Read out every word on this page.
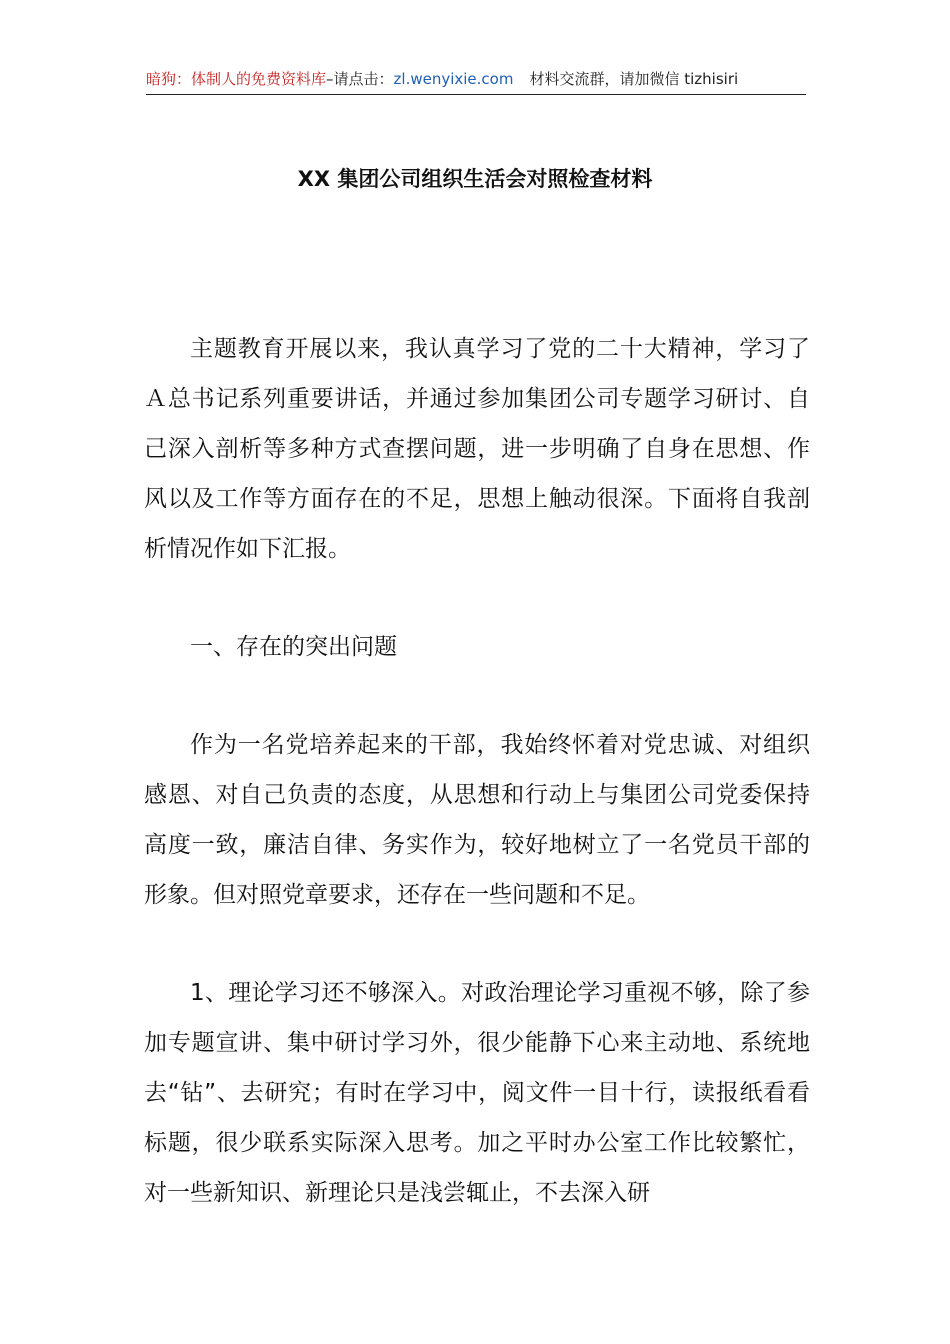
暗狗：体制人的免费资料库–请点击：zl.wenyixie.com 材料交流群，请加微信 tizhisiri
XX 集团公司组织生活会对照检查材料

主题教育开展以来，我认真学习了党的二十大精神，学习了Ａ总书记系列重要讲话，并通过参加集团公司专题学习研讨、自己深入剖析等多种方式查摆问题，进一步明确了自身在思想、作风以及工作等方面存在的不足，思想上触动很深。下面将自我剖析情况作如下汇报。

一、存在的突出问题

作为一名党培养起来的干部，我始终怀着对党忠诚、对组织感恩、对自己负责的态度，从思想和行动上与集团公司党委保持高度一致，廉洁自律、务实作为，较好地树立了一名党员干部的形象。但对照党章要求，还存在一些问题和不足。

1、理论学习还不够深入。对政治理论学习重视不够，除了参加专题宣讲、集中研讨学习外，很少能静下心来主动地、系统地去“钻”、去研究；有时在学习中，阅文件一目十行，读报纸看看标题，很少联系实际深入思考。加之平时办公室工作比较繁忙，对一些新知识、新理论只是浅尝辄止，不去深入研
